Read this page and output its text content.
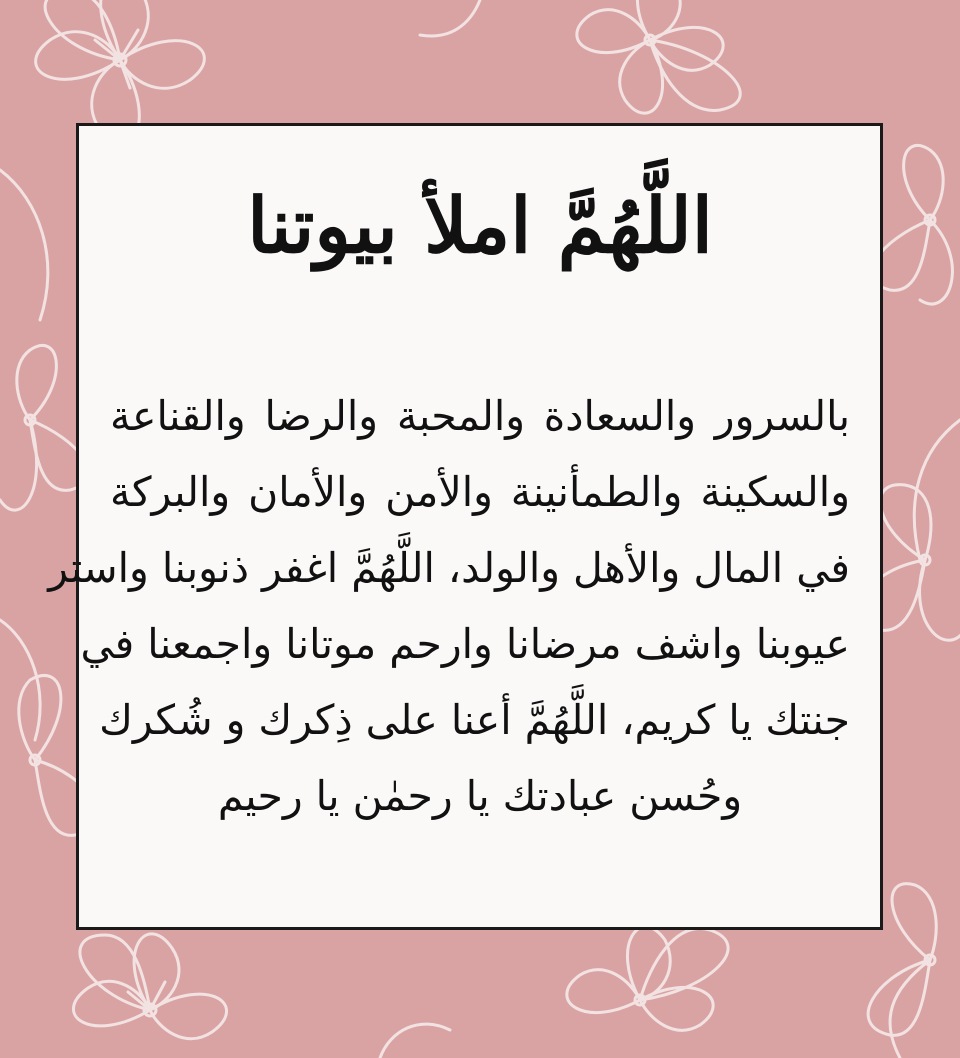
اللَّهُمَّ املأ بيوتنا
بالسرور والسعادة والمحبة والرضا والقناعة
والسكينة والطمأنينة والأمن والأمان والبركة
في المال والأهل والولد، اللَّهُمَّ اغفر ذنوبنا واستر
عيوبنا واشف مرضانا وارحم موتانا واجمعنا في
جنتك يا كريم، اللَّهُمَّ أعنا على ذِكرك و شُكرك
وحُسن عبادتك يا رحمٰن يا رحيم
